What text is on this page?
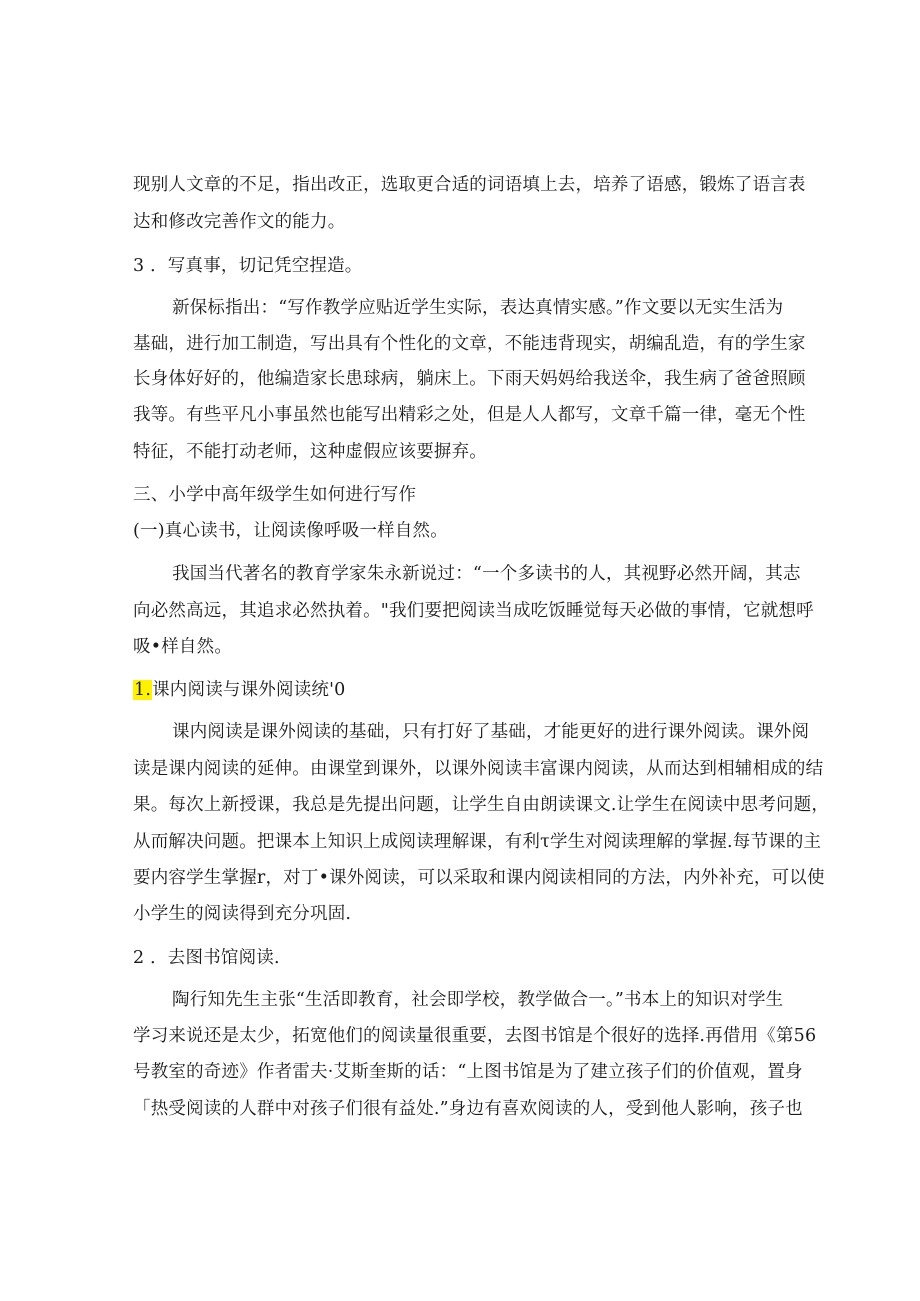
现别人文章的不足，指出改正，选取更合适的词语填上去，培养了语感，锻炼了语言表
达和修改完善作文的能力。
3 ．写真事，切记凭空捏造。
新保标指出：“写作教学应贴近学生实际，表达真情实感。”作文要以无实生活为
基础，进行加工制造，写出具有个性化的文章，不能违背现实，胡编乱造，有的学生家
长身体好好的，他编造家长患球病，躺床上。下雨天妈妈给我送伞，我生病了爸爸照顾
我等。有些平凡小事虽然也能写出精彩之处，但是人人都写，文章千篇一律，毫无个性
特征，不能打动老师，这种虚假应该要摒弃。
三、小学中高年级学生如何进行写作
(一)真心读书，让阅读像呼吸一样自然。
我国当代著名的教育学家朱永新说过：“一个多读书的人，其视野必然开阔，其志
向必然高远，其追求必然执着。"我们要把阅读当成吃饭睡觉每天必做的事情，它就想呼
吸•样自然。
1.课内阅读与课外阅读统'0
课内阅读是课外阅读的基础，只有打好了基础，才能更好的进行课外阅读。课外阅
读是课内阅读的延伸。由课堂到课外，以课外阅读丰富课内阅读，从而达到相辅相成的结
果。每次上新授课，我总是先提出问题，让学生自由朗读课文.让学生在阅读中思考问题，
从而解决问题。把课本上知识上成阅读理解课，有利τ学生对阅读理解的掌握.每节课的主
要内容学生掌握r，对丁•课外阅读，可以采取和课内阅读相同的方法，内外补充，可以使
小学生的阅读得到充分巩固.
2 ．去图书馆阅读.
陶行知先生主张“生活即教育，社会即学校，教学做合一。”书本上的知识对学生
学习来说还是太少，拓宽他们的阅读量很重要，去图书馆是个很好的选择.再借用《第56
号教室的奇迹》作者雷夫·艾斯奎斯的话：“上图书馆是为了建立孩子们的价值观，置身
「热受阅读的人群中对孩子们很有益处.”身边有喜欢阅读的人，受到他人影响，孩子也
